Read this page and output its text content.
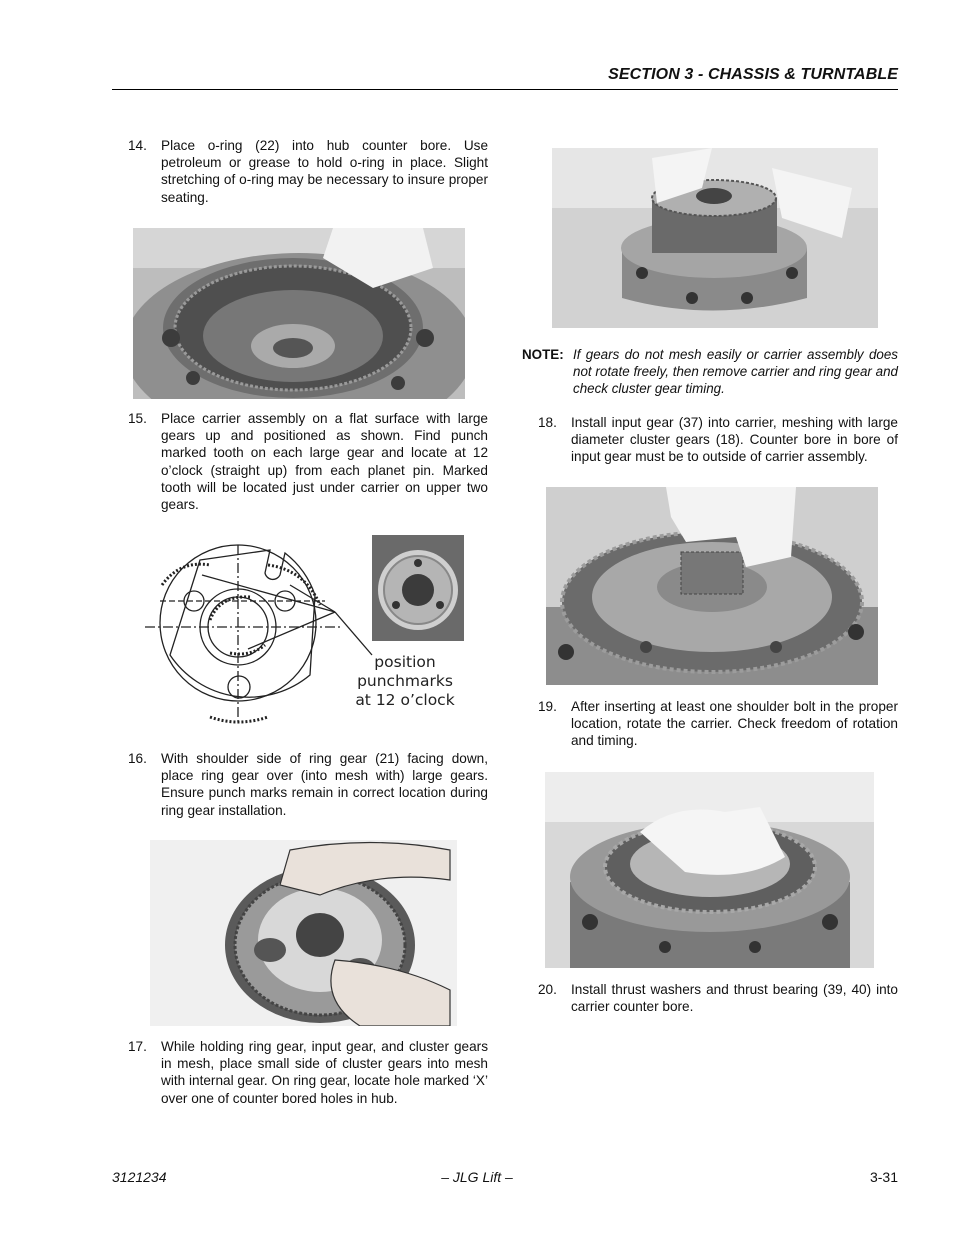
SECTION 3 - CHASSIS & TURNTABLE
14. Place o-ring (22) into hub counter bore. Use petroleum or grease to hold o-ring in place. Slight stretching of o-ring may be necessary to insure proper seating.
15. Place carrier assembly on a flat surface with large gears up and positioned as shown. Find punch marked tooth on each large gear and locate at 12 o’clock (straight up) from each planet pin. Marked tooth will be located just under carrier on upper two gears.
position
punchmarks
at 12 o’clock
16. With shoulder side of ring gear (21) facing down, place ring gear over (into mesh with) large gears. Ensure punch marks remain in correct location during ring gear installation.
17. While holding ring gear, input gear, and cluster gears in mesh, place small side of cluster gears into mesh with internal gear. On ring gear, locate hole marked ‘X’ over one of counter bored holes in hub.
NOTE: If gears do not mesh easily or carrier assembly does not rotate freely, then remove carrier and ring gear and check cluster gear timing.
18. Install input gear (37) into carrier, meshing with large diameter cluster gears (18). Counter bore in bore of input gear must be to outside of carrier assembly.
19. After inserting at least one shoulder bolt in the proper location, rotate the carrier. Check freedom of rotation and timing.
20. Install thrust washers and thrust bearing (39, 40) into carrier counter bore.
3121234	– JLG Lift –	3-31
